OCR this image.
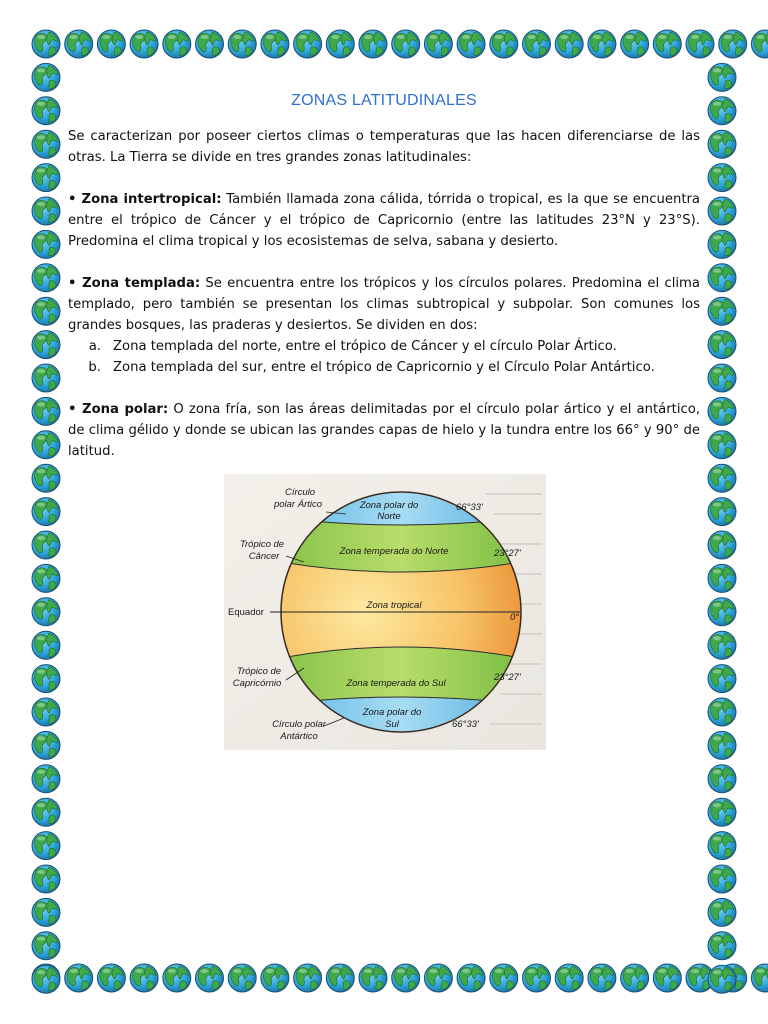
ZONAS LATITUDINALES

Se caracterizan por poseer ciertos climas o temperaturas que las hacen diferenciarse de las otras. La Tierra se divide en tres grandes zonas latitudinales:

• Zona intertropical: También llamada zona cálida, tórrida o tropical, es la que se encuentra entre el trópico de Cáncer y el trópico de Capricornio (entre las latitudes 23°N y 23°S). Predomina el clima tropical y los ecosistemas de selva, sabana y desierto.

• Zona templada: Se encuentra entre los trópicos y los círculos polares. Predomina el clima templado, pero también se presentan los climas subtropical y subpolar. Son comunes los grandes bosques, las praderas y desiertos. Se dividen en dos:

a. Zona templada del norte, entre el trópico de Cáncer y el círculo Polar Ártico.
b. Zona templada del sur, entre el trópico de Capricornio y el Círculo Polar Antártico.

• Zona polar: O zona fría, son las áreas delimitadas por el círculo polar ártico y el antártico, de clima gélido y donde se ubican las grandes capas de hielo y la tundra entre los 66° y 90° de latitud.

Círculo
polar Ártico
Trópico de
Câncer
Equador
Trópico de
Capricórnio
Círculo polar
Antártico
Zona polar do
Norte
Zona temperada do Norte
Zona tropical
Zona temperada do Sul
Zona polar do
Sul
66°33'
23°27'
0°
23°27'
66°33'
